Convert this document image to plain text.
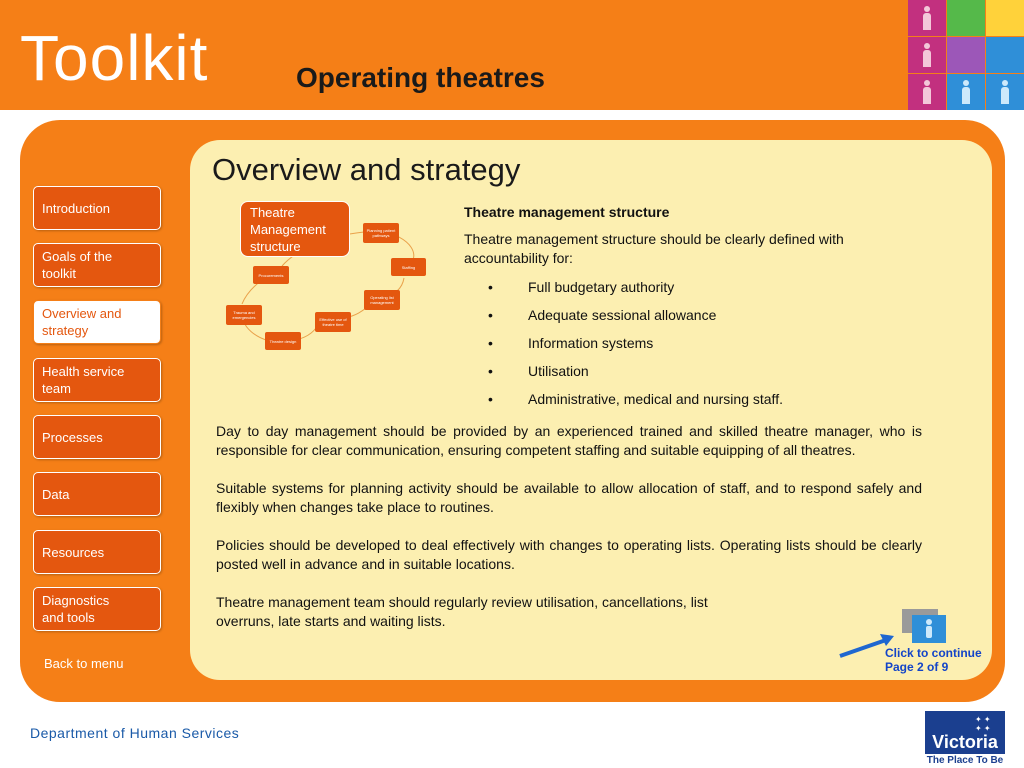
Toolkit	Operating theatres
Overview and strategy
Introduction
Goals of the
toolkit
Overview and
strategy
Health service
team
Processes
Data
Resources
Diagnostics
and tools
Back to menu
Planning patient pathways
Staffing
Operating list management
Effective use of theatre time
Theatre design
Trauma and emergencies
Procurements
Theatre
Management
structure

Theatre management structure

Theatre management structure should be clearly defined with accountability for:

• Full budgetary authority
• Adequate sessional allowance
• Information systems
• Utilisation
• Administrative, medical and nursing staff.

Day to day management should be provided by an experienced trained and skilled theatre manager, who is responsible for clear communication, ensuring competent staffing and suitable equipping of all theatres.

Suitable systems for planning activity should be available to allow allocation of staff, and to respond safely and flexibly when changes take place to routines.

Policies should be developed to deal effectively with changes to operating lists. Operating lists should be clearly posted well in advance and in suitable locations.

Theatre management team should regularly review utilisation, cancellations, list overruns, late starts and waiting lists.

Click to continue
Page 2 of 9
Department of Human Services
✦ ✦
✦ ✦
Victoria
The Place To Be
